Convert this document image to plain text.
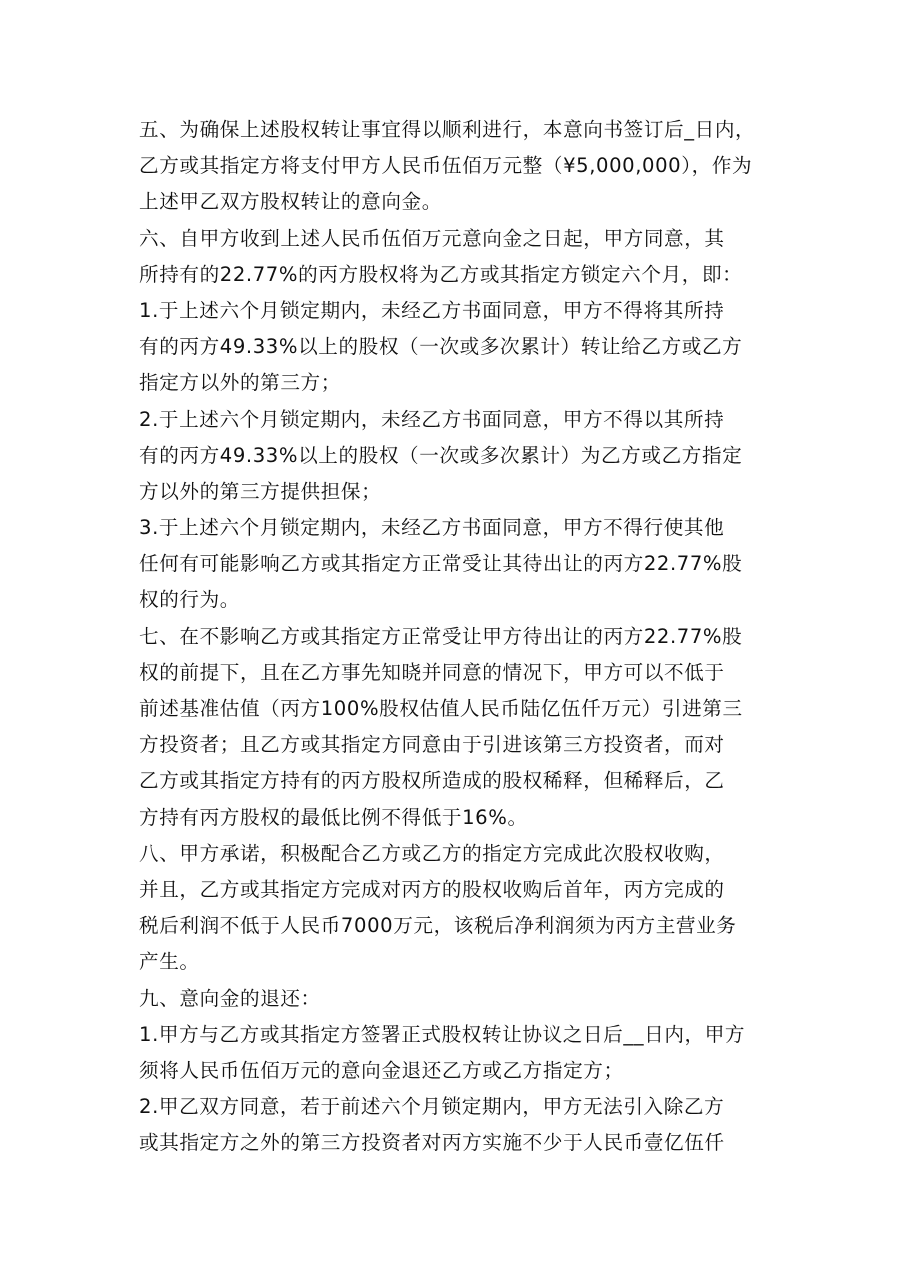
五、为确保上述股权转让事宜得以顺利进行，本意向书签订后_日内，
乙方或其指定方将支付甲方人民币伍佰万元整（¥5,000,000），作为
上述甲乙双方股权转让的意向金。
六、自甲方收到上述人民币伍佰万元意向金之日起，甲方同意，其
所持有的22.77%的丙方股权将为乙方或其指定方锁定六个月，即：
1.于上述六个月锁定期内，未经乙方书面同意，甲方不得将其所持
有的丙方49.33%以上的股权（一次或多次累计）转让给乙方或乙方
指定方以外的第三方；
2.于上述六个月锁定期内，未经乙方书面同意，甲方不得以其所持
有的丙方49.33%以上的股权（一次或多次累计）为乙方或乙方指定
方以外的第三方提供担保；
3.于上述六个月锁定期内，未经乙方书面同意，甲方不得行使其他
任何有可能影响乙方或其指定方正常受让其待出让的丙方22.77%股
权的行为。
七、在不影响乙方或其指定方正常受让甲方待出让的丙方22.77%股
权的前提下，且在乙方事先知晓并同意的情况下，甲方可以不低于
前述基准估值（丙方100%股权估值人民币陆亿伍仟万元）引进第三
方投资者；且乙方或其指定方同意由于引进该第三方投资者，而对
乙方或其指定方持有的丙方股权所造成的股权稀释，但稀释后，乙
方持有丙方股权的最低比例不得低于16%。
八、甲方承诺，积极配合乙方或乙方的指定方完成此次股权收购，
并且，乙方或其指定方完成对丙方的股权收购后首年，丙方完成的
税后利润不低于人民币7000万元，该税后净利润须为丙方主营业务
产生。
九、意向金的退还：
1.甲方与乙方或其指定方签署正式股权转让协议之日后__日内，甲方
须将人民币伍佰万元的意向金退还乙方或乙方指定方；
2.甲乙双方同意，若于前述六个月锁定期内，甲方无法引入除乙方
或其指定方之外的第三方投资者对丙方实施不少于人民币壹亿伍仟
